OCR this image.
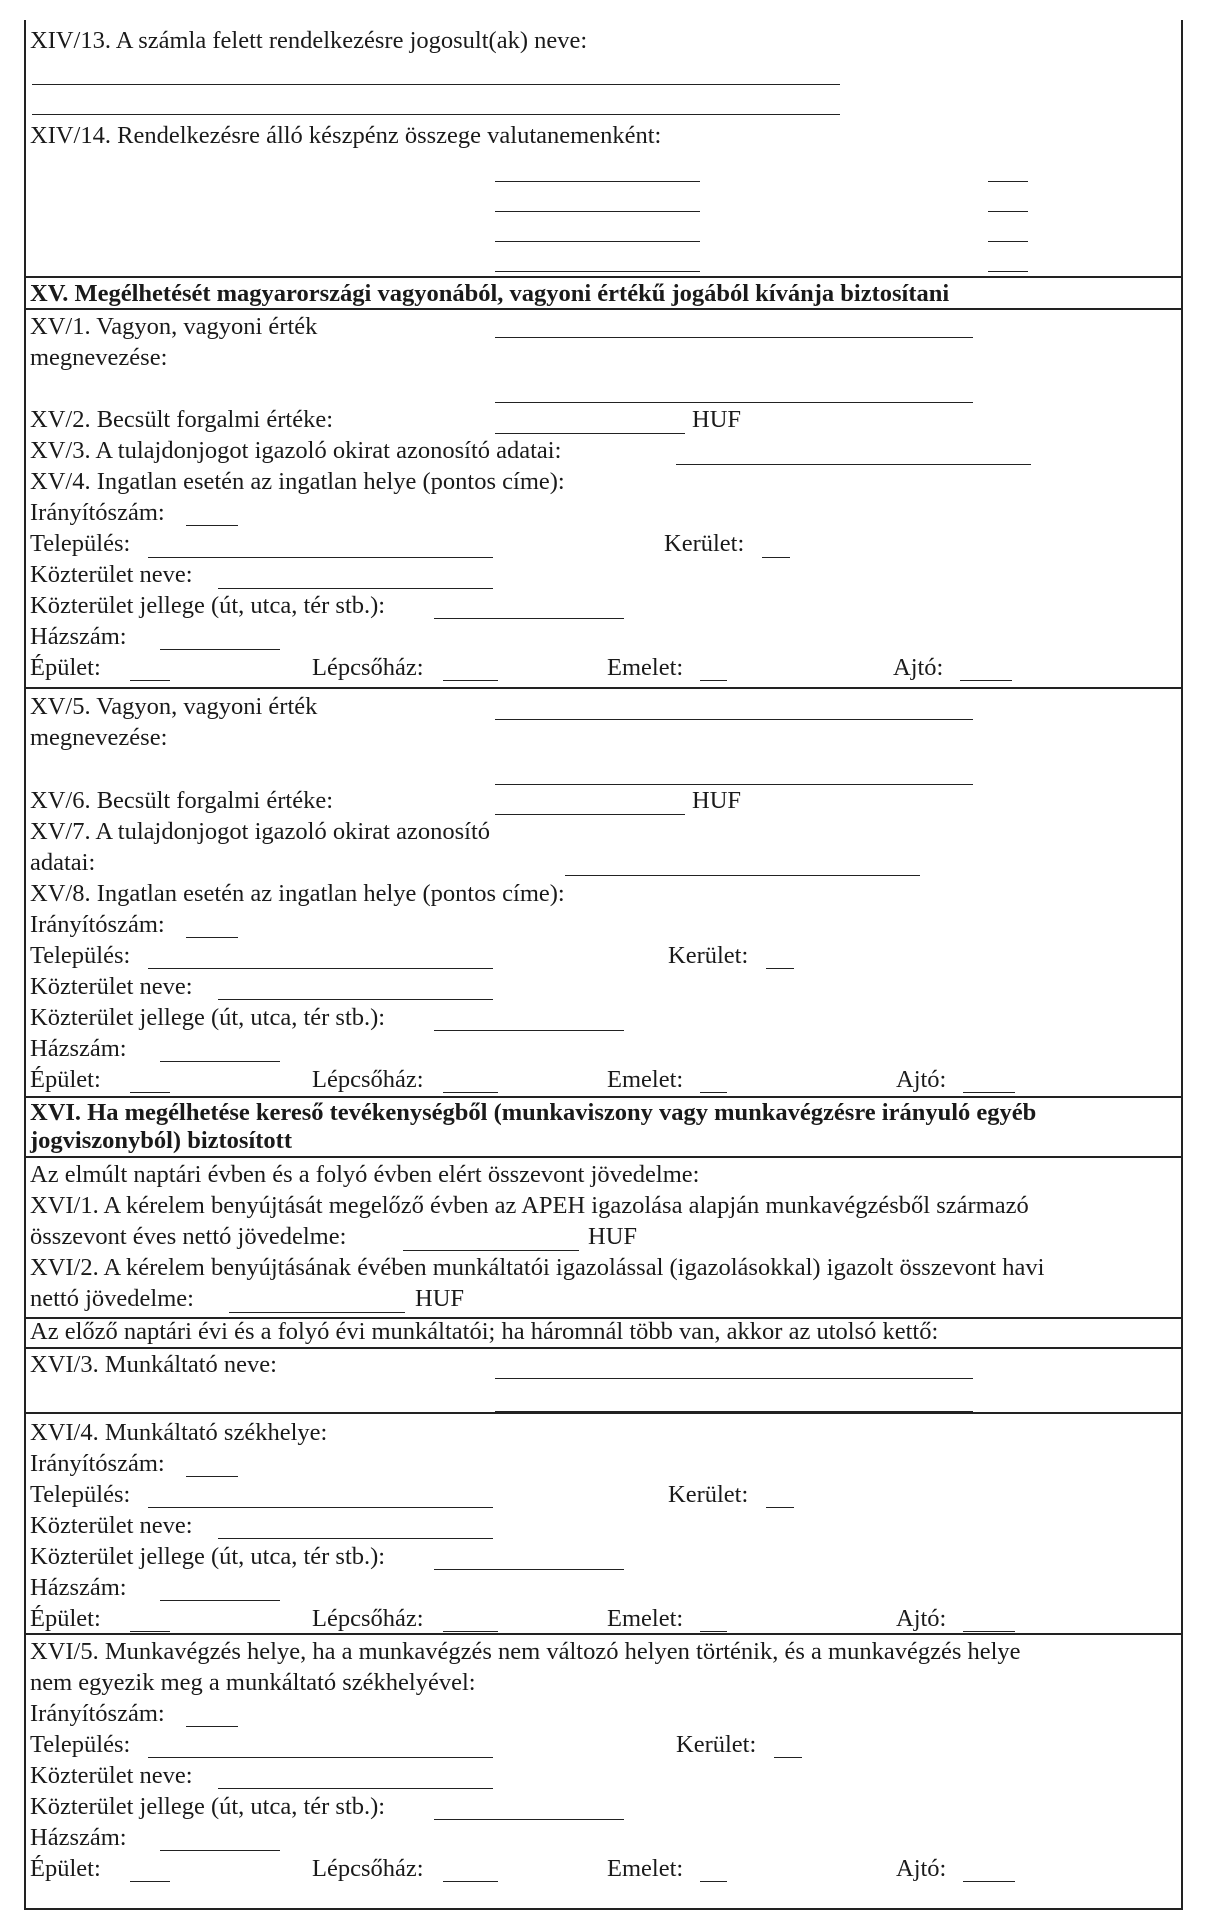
XIV/13. A számla felett rendelkezésre jogosult(ak) neve:
XIV/14. Rendelkezésre álló készpénz összege valutanemenként:
XV. Megélhetését magyarországi vagyonából, vagyoni értékű jogából kívánja biztosítani
XV/1. Vagyon, vagyoni érték
megnevezése:
XV/2. Becsült forgalmi értéke:	HUF
XV/3. A tulajdonjogot igazoló okirat azonosító adatai:
XV/4. Ingatlan esetén az ingatlan helye (pontos címe):
Irányítószám:
Település:	Kerület:
Közterület neve:
Közterület jellege (út, utca, tér stb.):
Házszám:
Épület:	Lépcsőház:	Emelet:	Ajtó:
XV/5. Vagyon, vagyoni érték
megnevezése:
XV/6. Becsült forgalmi értéke:	HUF
XV/7. A tulajdonjogot igazoló okirat azonosító
adatai:
XV/8. Ingatlan esetén az ingatlan helye (pontos címe):
Irányítószám:
Település:	Kerület:
Közterület neve:
Közterület jellege (út, utca, tér stb.):
Házszám:
Épület:	Lépcsőház:	Emelet:	Ajtó:
XVI. Ha megélhetése kereső tevékenységből (munkaviszony vagy munkavégzésre irányuló egyéb
jogviszonyból) biztosított
Az elmúlt naptári évben és a folyó évben elért összevont jövedelme:
XVI/1. A kérelem benyújtását megelőző évben az APEH igazolása alapján munkavégzésből származó
összevont éves nettó jövedelme:	HUF
XVI/2. A kérelem benyújtásának évében munkáltatói igazolással (igazolásokkal) igazolt összevont havi
nettó jövedelme:	HUF
Az előző naptári évi és a folyó évi munkáltatói; ha háromnál több van, akkor az utolsó kettő:
XVI/3. Munkáltató neve:
XVI/4. Munkáltató székhelye:
Irányítószám:
Település:	Kerület:
Közterület neve:
Közterület jellege (út, utca, tér stb.):
Házszám:
Épület:	Lépcsőház:	Emelet:	Ajtó:
XVI/5. Munkavégzés helye, ha a munkavégzés nem változó helyen történik, és a munkavégzés helye
nem egyezik meg a munkáltató székhelyével:
Irányítószám:
Település:	Kerület:
Közterület neve:
Közterület jellege (út, utca, tér stb.):
Házszám:
Épület:	Lépcsőház:	Emelet:	Ajtó:
